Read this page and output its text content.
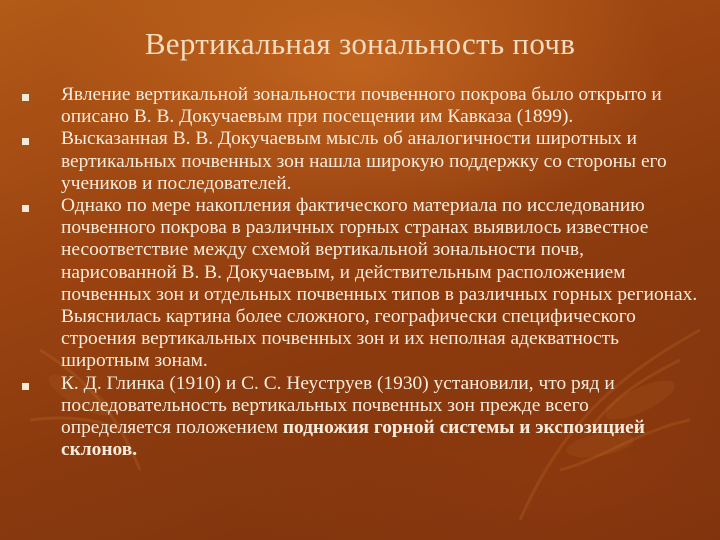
Вертикальная зональность почв
Явление вертикальной зональности почвенного покрова было открыто и описано В. В. Докучаевым при посещении им Кавказа (1899).
Высказанная В. В. Докучаевым мысль об аналогичности широтных и вертикальных почвенных зон нашла широкую поддержку со стороны его учеников и последователей.
Однако по мере накопления фактического материала по исследованию почвенного покрова в различных горных странах выявилось известное несоответствие между схемой вертикальной зональности почв, нарисованной В. В. Докучаевым, и действительным расположением почвенных зон и отдельных почвенных типов в различных горных регионах. Выяснилась картина более сложного, географически специфического строения вертикальных почвенных зон и их неполная адекватность широтным зонам.
К. Д. Глинка (1910) и С. С. Неуструев (1930) установили, что ряд и последовательность вертикальных почвенных зон прежде всего определяется положением подножия горной системы и экспозицией склонов.
